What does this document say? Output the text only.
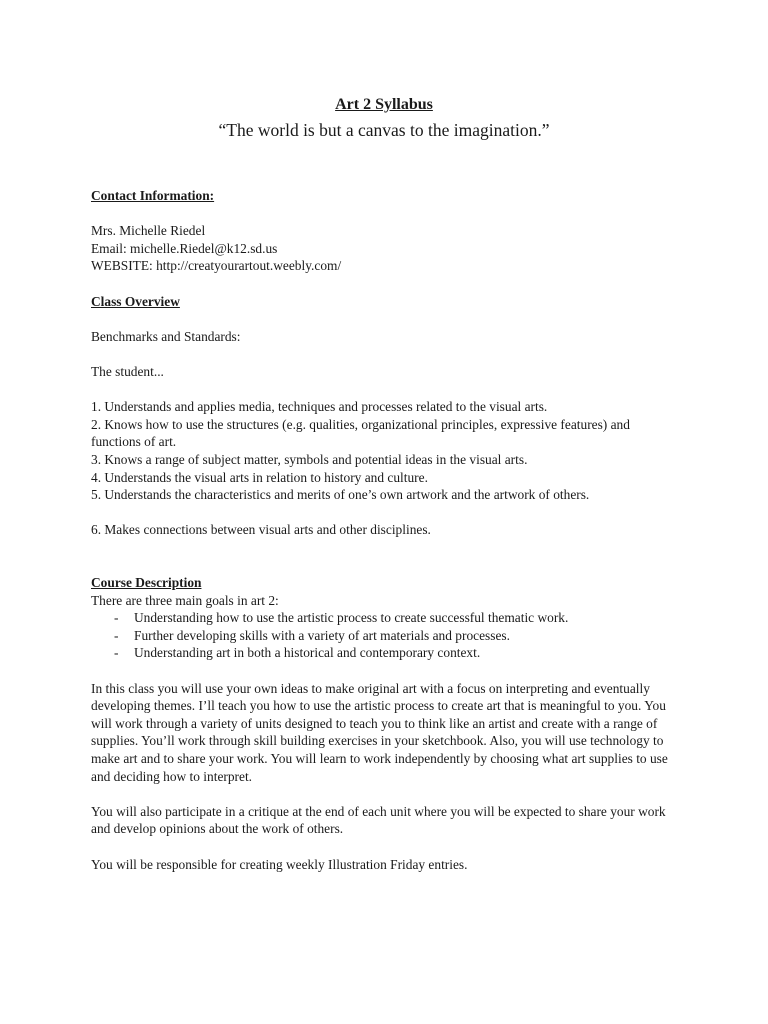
Art 2 Syllabus
“The world is but a canvas to the imagination.”

Contact Information:

Mrs. Michelle Riedel

Email: michelle.Riedel@k12.sd.us

WEBSITE: http://creatyourartout.weebly.com/

Class Overview

Benchmarks and Standards:

The student...

1. Understands and applies media, techniques and processes related to the visual arts.
2. Knows how to use the structures (e.g. qualities, organizational principles, expressive features) and functions of art.
3. Knows a range of subject matter, symbols and potential ideas in the visual arts.
4. Understands the visual arts in relation to history and culture.
5. Understands the characteristics and merits of one’s own artwork and the artwork of others.

6. Makes connections between visual arts and other disciplines.

Course Description

There are three main goals in art 2:

- Understanding how to use the artistic process to create successful thematic work.
- Further developing skills with a variety of art materials and processes.
- Understanding art in both a historical and contemporary context.

In this class you will use your own ideas to make original art with a focus on interpreting and eventually developing themes. I’ll teach you how to use the artistic process to create art that is meaningful to you. You will work through a variety of units designed to teach you to think like an artist and create with a range of supplies. You’ll work through skill building exercises in your sketchbook. Also, you will use technology to make art and to share your work. You will learn to work independently by choosing what art supplies to use and deciding how to interpret.

You will also participate in a critique at the end of each unit where you will be expected to share your work and develop opinions about the work of others.

You will be responsible for creating weekly Illustration Friday entries.
